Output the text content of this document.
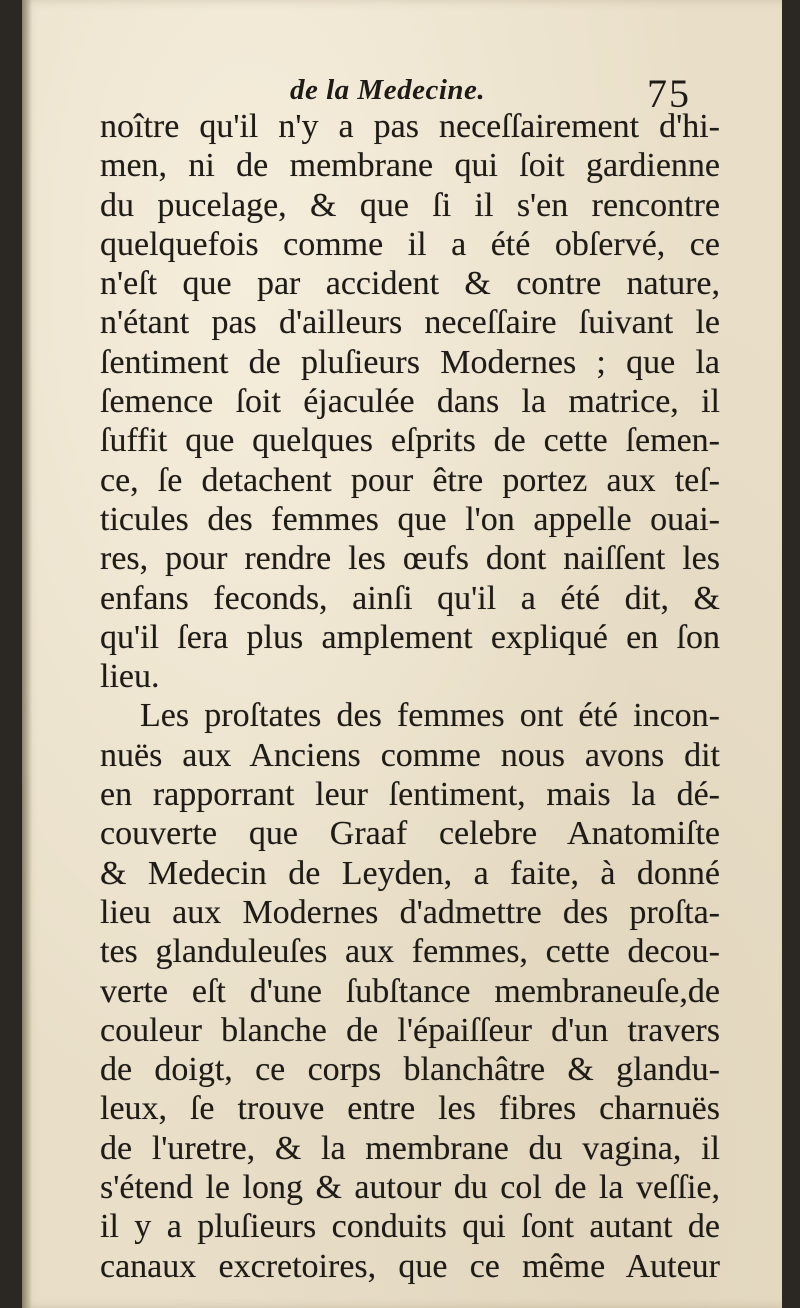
de la Medecine.	75
noître qu'il n'y a pas neceſſairement d'hi-
men, ni de membrane qui ſoit gardienne
du pucelage, & que ſi il s'en rencontre
quelquefois comme il a été obſervé, ce
n'eſt que par accident & contre nature,
n'étant pas d'ailleurs neceſſaire ſuivant le
ſentiment de pluſieurs Modernes ; que la
ſemence ſoit éjaculée dans la matrice, il
ſuffit que quelques eſprits de cette ſemen-
ce, ſe detachent pour être portez aux teſ-
ticules des femmes que l'on appelle ouai-
res, pour rendre les œufs dont naiſſent les
enfans feconds, ainſi qu'il a été dit, &
qu'il ſera plus amplement expliqué en ſon
lieu.
Les proſtates des femmes ont été incon-
nuës aux Anciens comme nous avons dit
en rapporrant leur ſentiment, mais la dé-
couverte que Graaf celebre Anatomiſte
& Medecin de Leyden, a faite, à donné
lieu aux Modernes d'admettre des proſta-
tes glanduleuſes aux femmes, cette decou-
verte eſt d'une ſubſtance membraneuſe,de
couleur blanche de l'épaiſſeur d'un travers
de doigt, ce corps blanchâtre & glandu-
leux, ſe trouve entre les fibres charnuës
de l'uretre, & la membrane du vagina, il
s'étend le long & autour du col de la veſſie,
il y a pluſieurs conduits qui ſont autant de
canaux excretoires, que ce même Auteur
